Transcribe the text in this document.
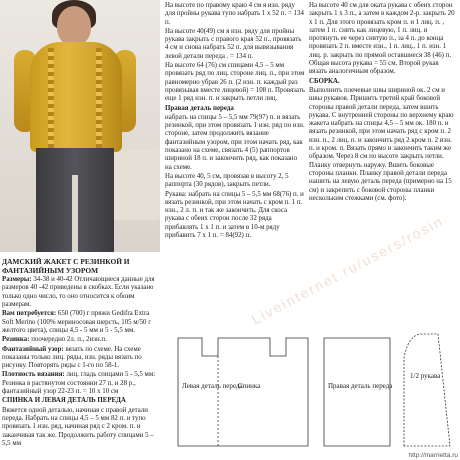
ДАМСКИЙ ЖАКЕТ С РЕЗИНКОЙ И ФАНТАЗИЙНЫМ УЗОРОМ

Размеры: 34-38 и 40-42 Отличающиеся данные для размеров 40 -42 приведены в скобках. Если указано только одно число, то оно относится к обоим размерам.

Вам потребуется: 650 (700) г пряжи Gedifra Extra Soft Merino (100% мериносовая шерсть, 105 м/50 г желтого цвета), спицы 4,5 - 5 мм и 5 - 5,5 мм.

Резинка: поочередно 2л. п., 2изн.п.

Фантазийный узор: вязать по схеме. На схеме показаны только лиц. ряды, изн. ряды вязать по рисунку. Повторять ряды с 1-го по 58-1.

Плотность вязания: лиц. гладь спицами 5 - 5,5 мм: Резинка в растянутом состоянии 27 п. и 28 р., фантазийный узор 22-23 п. = 10 х 10 см

СПИНКА И ЛЕВАЯ ДЕТАЛЬ ПЕРЕДА

Вяжется одной деталью, начиная с правой детали переда. Набрать на спицы 4,5 – 5 мм 82 п. и тупо провязать 1 изн. ряд, начиная ряд с 2 кром. п. и заканчивая так же. Продолжить работу спицами 5 – 5,5 мм

На высоте по правому краю 4 см я изн. ряду для пройны рукава тупо набрать 1 х 52 п. = 134 п.

На высоте 40(49) см я изн. ряду для пройны рукава закрыть с правого края 52 п., провязать 4 см и снова набрать 52 п. для вывязывания левой детали переда . = 134 п.

На высоте 64 (76) см спицами 4,5 – 5 мм провязать ряд по лиц. стороне лиц. п., при этом равномерно убрав 26 п. (2 изн. п. каждый раз провязывая вместе лицевой) = 108 п. Провязать еще 1 ряд изн. п. и закрыть петли лиц.

Правая деталь переда

набрать на спицы 5 – 5,5 мм 79(97) п. и вязать резинкой, при этом провязать 1 изн. ряд по изн. стороне, затем продолжить вязание фантазийным узором, при этом начать ряд, как показано на схеме, связать 4 (5) раппортов шириной 18 п. и закончить ряд, как показано на схеме.

На высоте 40, 5 см, провязав в высоту 2, 5 раппорта (30 рядов), закрыть петли.

Рукава: набрать на спицы 5 – 5,5 мм 68(76) п. и вязать резинкой, при этом начать с кром п. 1 п. изн., 2 л. п. и так же закончить. Для скоса рукава с обеих сторон после 32 ряда прибавлять 1 х 1 п. и затем в 10-м ряду прибавить 7 х 1 п. = 84(92) п.

На высоте 40 см для оката рукава с обеих сторон закрыть 1 х 3 п., а затем в каждом 2-р. закрыть 20 х 1 п. Для этого провязать кром п. и 1 лиц. п. , затем 1 п. снять как лицевую, 1 п. лиц. и протянуть ее через снятую п., за 4 п. до конца провязать 2 п. вместе изн., 1 п. лиц., 1 п. изн. 1 лиц. р. закрыть по прямой оставшиеся 38 (46) п. Общая высота рукава = 55 см. Второй рукав вязать аналогичным образом.

СБОРКА.

Выполнить плечевые швы шириной ок. 2 см и швы рукавов. Пришить третий край боковой стороны правой детали переда, затем вшить рукава. С внутренней стороны по верхнему краю жакета набрать на спицы 4,5 – 5 мм ок. 180 п. и вязать резинкой, при этом начать ряд с кром п. 2 изн. п., 2 лиц. п. и закончить ряд 2 кром п. 2 изн. п. и кром. п. Вязать прямо и закончить таким же образом. Через 8 см по высоте закрыть петли. Планку отвернуть наружу. Вшить боковые стороны планки. Планку правой детали переда нашить на левую деталь переда (примерно на 15 см) и закрепить с боковой стороны планки нескольким стежками (см. фото).

Liveinternet.ru/users/rosin
Левая деталь переда
Спинка	Правая деталь переда
1/2 рукава
http://marrietta.ru
